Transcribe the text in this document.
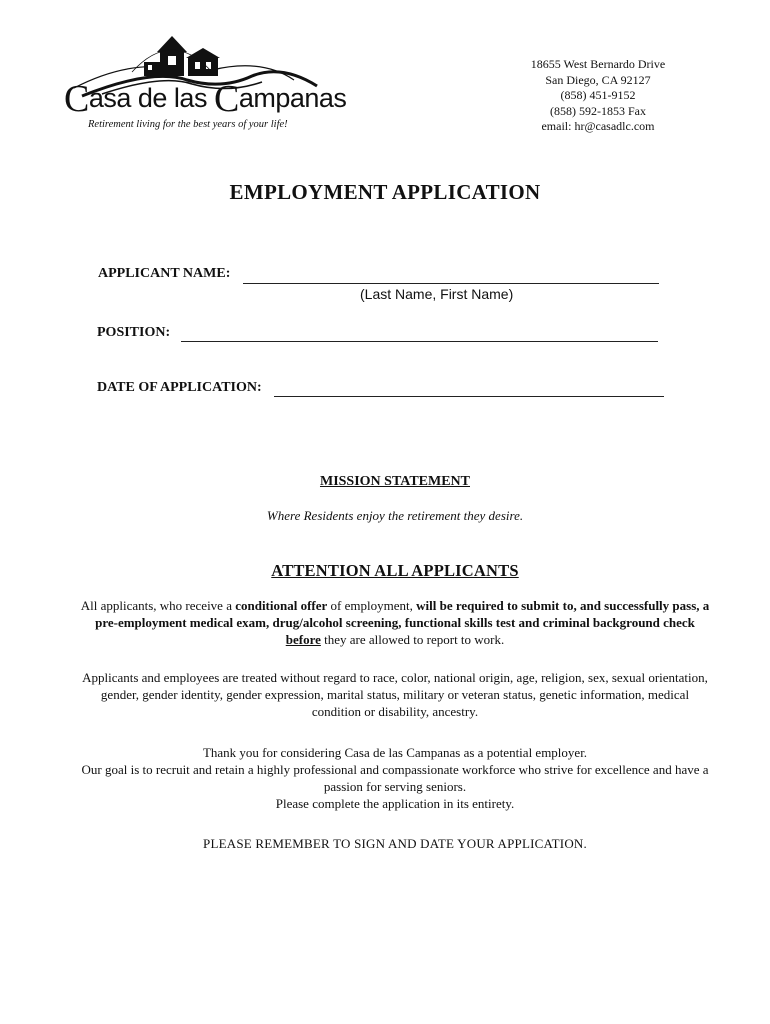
Casa de las Campanas
Retirement living for the best years of your life!
18655 West Bernardo Drive
San Diego, CA 92127
(858) 451-9152
(858) 592-1853 Fax
email: hr@casadlc.com
EMPLOYMENT APPLICATION
APPLICANT NAME:
(Last Name, First Name)
POSITION:
DATE OF APPLICATION:
MISSION STATEMENT
Where Residents enjoy the retirement they desire.
ATTENTION ALL APPLICANTS
All applicants, who receive a conditional offer of employment, will be required to submit to, and successfully pass, a pre-employment medical exam, drug/alcohol screening, functional skills test and criminal background check before they are allowed to report to work.
Applicants and employees are treated without regard to race, color, national origin, age, religion, sex, sexual orientation, gender, gender identity, gender expression, marital status, military or veteran status, genetic information, medical condition or disability, ancestry.
Thank you for considering Casa de las Campanas as a potential employer.
Our goal is to recruit and retain a highly professional and compassionate workforce who strive for excellence and have a passion for serving seniors.
Please complete the application in its entirety.
PLEASE REMEMBER TO SIGN AND DATE YOUR APPLICATION.
